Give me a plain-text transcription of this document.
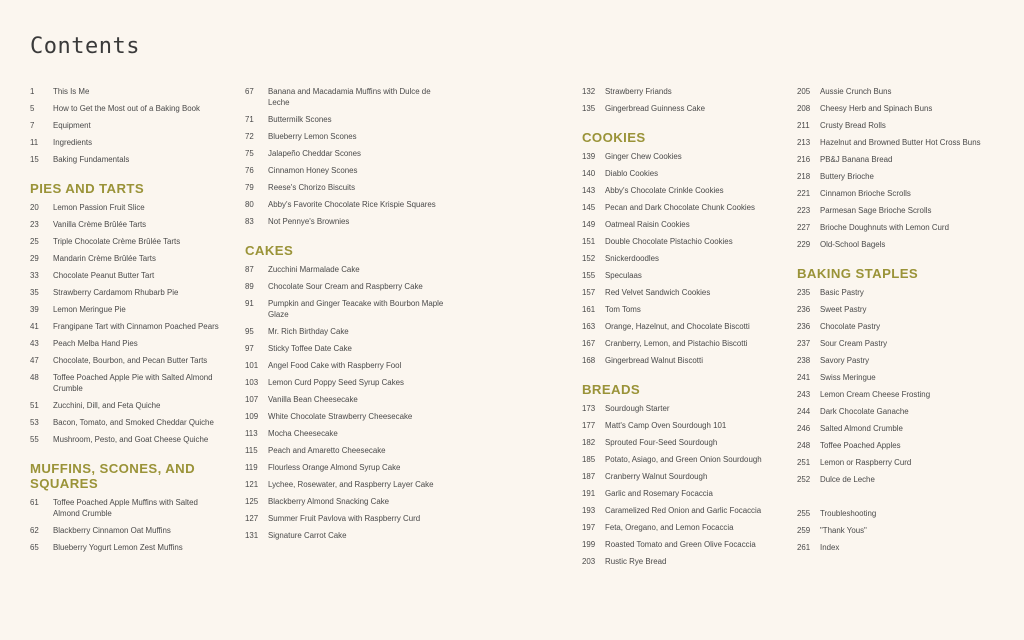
Contents
1	This Is Me
5	How to Get the Most out of a Baking Book
7	Equipment
11	Ingredients
15	Baking Fundamentals
PIES AND TARTS
20	Lemon Passion Fruit Slice
23	Vanilla Crème Brûlée Tarts
25	Triple Chocolate Crème Brûlée Tarts
29	Mandarin Crème Brûlée Tarts
33	Chocolate Peanut Butter Tart
35	Strawberry Cardamom Rhubarb Pie
39	Lemon Meringue Pie
41	Frangipane Tart with Cinnamon Poached Pears
43	Peach Melba Hand Pies
47	Chocolate, Bourbon, and Pecan Butter Tarts
48	Toffee Poached Apple Pie with Salted Almond Crumble
51	Zucchini, Dill, and Feta Quiche
53	Bacon, Tomato, and Smoked Cheddar Quiche
55	Mushroom, Pesto, and Goat Cheese Quiche
MUFFINS, SCONES, AND SQUARES
61	Toffee Poached Apple Muffins with Salted Almond Crumble
62	Blackberry Cinnamon Oat Muffins
65	Blueberry Yogurt Lemon Zest Muffins
67	Banana and Macadamia Muffins with Dulce de Leche
71	Buttermilk Scones
72	Blueberry Lemon Scones
75	Jalapeño Cheddar Scones
76	Cinnamon Honey Scones
79	Reese's Chorizo Biscuits
80	Abby's Favorite Chocolate Rice Krispie Squares
83	Not Pennye's Brownies
CAKES
87	Zucchini Marmalade Cake
89	Chocolate Sour Cream and Raspberry Cake
91	Pumpkin and Ginger Teacake with Bourbon Maple Glaze
95	Mr. Rich Birthday Cake
97	Sticky Toffee Date Cake
101	Angel Food Cake with Raspberry Fool
103	Lemon Curd Poppy Seed Syrup Cakes
107	Vanilla Bean Cheesecake
109	White Chocolate Strawberry Cheesecake
113	Mocha Cheesecake
115	Peach and Amaretto Cheesecake
119	Flourless Orange Almond Syrup Cake
121	Lychee, Rosewater, and Raspberry Layer Cake
125	Blackberry Almond Snacking Cake
127	Summer Fruit Pavlova with Raspberry Curd
131	Signature Carrot Cake
132	Strawberry Friands
135	Gingerbread Guinness Cake
COOKIES
139	Ginger Chew Cookies
140	Diablo Cookies
143	Abby's Chocolate Crinkle Cookies
145	Pecan and Dark Chocolate Chunk Cookies
149	Oatmeal Raisin Cookies
151	Double Chocolate Pistachio Cookies
152	Snickerdoodles
155	Speculaas
157	Red Velvet Sandwich Cookies
161	Tom Toms
163	Orange, Hazelnut, and Chocolate Biscotti
167	Cranberry, Lemon, and Pistachio Biscotti
168	Gingerbread Walnut Biscotti
BREADS
173	Sourdough Starter
177	Matt's Camp Oven Sourdough 101
182	Sprouted Four-Seed Sourdough
185	Potato, Asiago, and Green Onion Sourdough
187	Cranberry Walnut Sourdough
191	Garlic and Rosemary Focaccia
193	Caramelized Red Onion and Garlic Focaccia
197	Feta, Oregano, and Lemon Focaccia
199	Roasted Tomato and Green Olive Focaccia
203	Rustic Rye Bread
205	Aussie Crunch Buns
208	Cheesy Herb and Spinach Buns
211	Crusty Bread Rolls
213	Hazelnut and Browned Butter Hot Cross Buns
216	PB&J Banana Bread
218	Buttery Brioche
221	Cinnamon Brioche Scrolls
223	Parmesan Sage Brioche Scrolls
227	Brioche Doughnuts with Lemon Curd
229	Old-School Bagels
BAKING STAPLES
235	Basic Pastry
236	Sweet Pastry
236	Chocolate Pastry
237	Sour Cream Pastry
238	Savory Pastry
241	Swiss Meringue
243	Lemon Cream Cheese Frosting
244	Dark Chocolate Ganache
246	Salted Almond Crumble
248	Toffee Poached Apples
251	Lemon or Raspberry Curd
252	Dulce de Leche
255	Troubleshooting
259	"Thank Yous"
261	Index
